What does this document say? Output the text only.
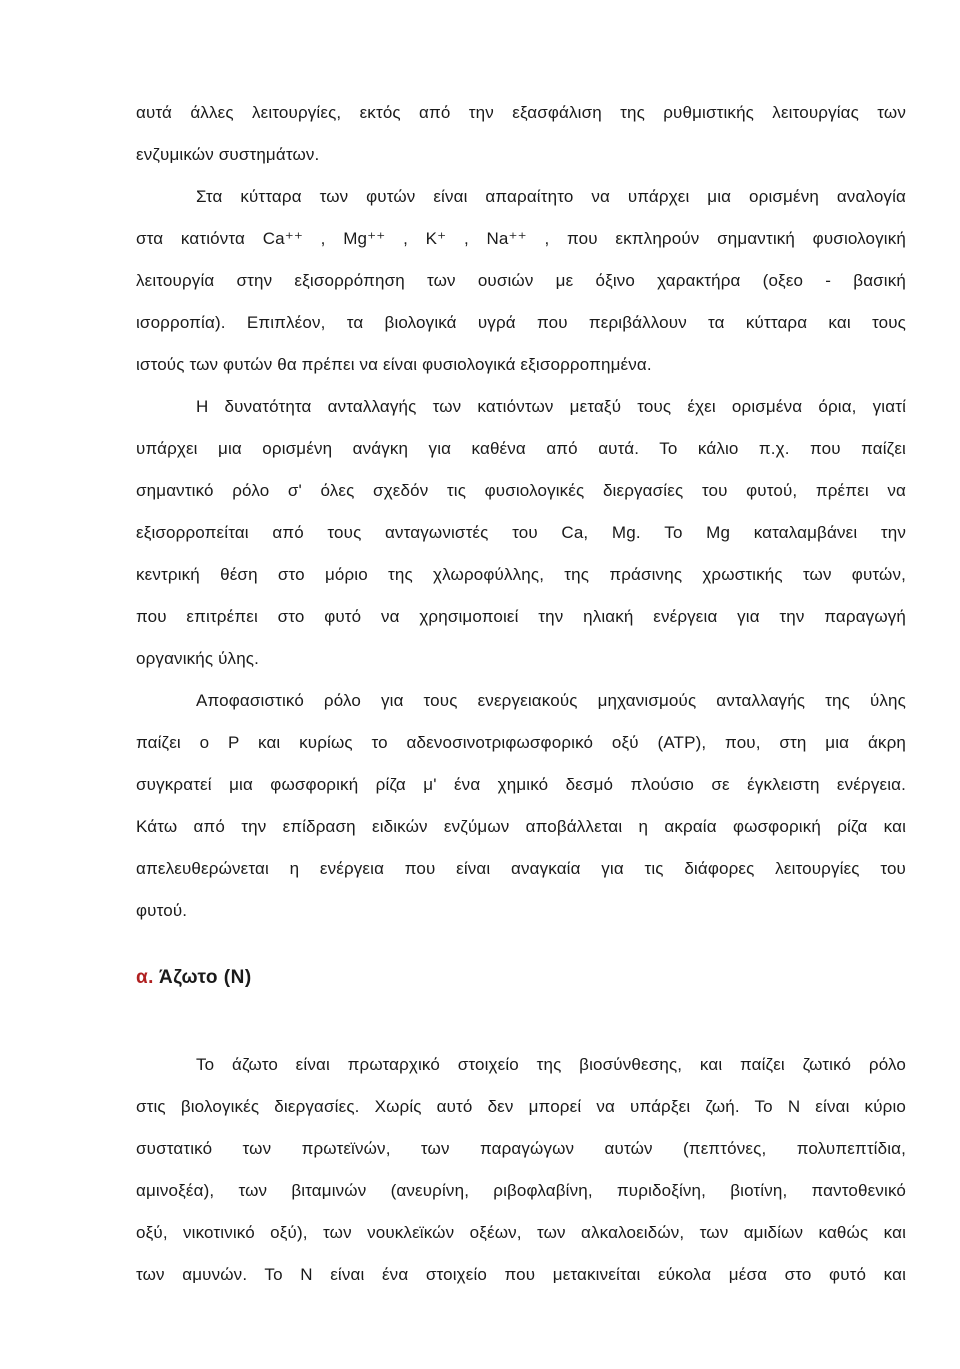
αυτά άλλες λειτουργίες, εκτός από την εξασφάλιση της ρυθμιστικής λειτουργίας των
ενζυμικών συστημάτων.
Στα κύτταρα των φυτών είναι απαραίτητο να υπάρχει μια ορισμένη αναλογία
στα κατιόντα Ca⁺⁺ , Mg⁺⁺ , K⁺ , Na⁺⁺ , που εκπληρούν σημαντική φυσιολογική
λειτουργία στην εξισορρόπηση των ουσιών με όξινο χαρακτήρα (οξεο - βασική
ισορροπία). Επιπλέον, τα βιολογικά υγρά που περιβάλλουν τα κύτταρα και τους
ιστούς των φυτών θα πρέπει να είναι φυσιολογικά εξισορροπημένα.
Η δυνατότητα ανταλλαγής των κατιόντων μεταξύ τους έχει ορισμένα όρια, γιατί
υπάρχει μια ορισμένη ανάγκη για καθένα από αυτά. Το κάλιο π.χ. που παίζει
σημαντικό ρόλο σ' όλες σχεδόν τις φυσιολογικές διεργασίες του φυτού, πρέπει να
εξισορροπείται από τους ανταγωνιστές του Ca, Mg. Το Mg καταλαμβάνει την
κεντρική θέση στο μόριο της χλωροφύλλης, της πράσινης χρωστικής των φυτών,
που επιτρέπει στο φυτό να χρησιμοποιεί την ηλιακή ενέργεια για την παραγωγή
οργανικής ύλης.
Αποφασιστικό ρόλο για τους ενεργειακούς μηχανισμούς ανταλλαγής της ύλης
παίζει ο Ρ και κυρίως το αδενοσινοτριφωσφορικό οξύ (ΑΤΡ), που, στη μια άκρη
συγκρατεί μια φωσφορική ρίζα μ' ένα χημικό δεσμό πλούσιο σε έγκλειστη ενέργεια.
Κάτω από την επίδραση ειδικών ενζύμων αποβάλλεται η ακραία φωσφορική ρίζα και
απελευθερώνεται η ενέργεια που είναι αναγκαία για τις διάφορες λειτουργίες του
φυτού.
α. Άζωτο (Ν)
Το άζωτο είναι πρωταρχικό στοιχείο της βιοσύνθεσης, και παίζει ζωτικό ρόλο
στις βιολογικές διεργασίες. Χωρίς αυτό δεν μπορεί να υπάρξει ζωή. Το Ν είναι κύριο
συστατικό των πρωτεϊνών, των παραγώγων αυτών (πεπτόνες, πολυπεπτίδια,
αμινοξέα), των βιταμινών (ανευρίνη, ριβοφλαβίνη, πυριδοξίνη, βιοτίνη, παντοθενικό
οξύ, νικοτινικό οξύ), των νουκλεϊκών οξέων, των αλκαλοειδών, των αμιδίων καθώς και
των αμυνών. Το Ν είναι ένα στοιχείο που μετακινείται εύκολα μέσα στο φυτό και
